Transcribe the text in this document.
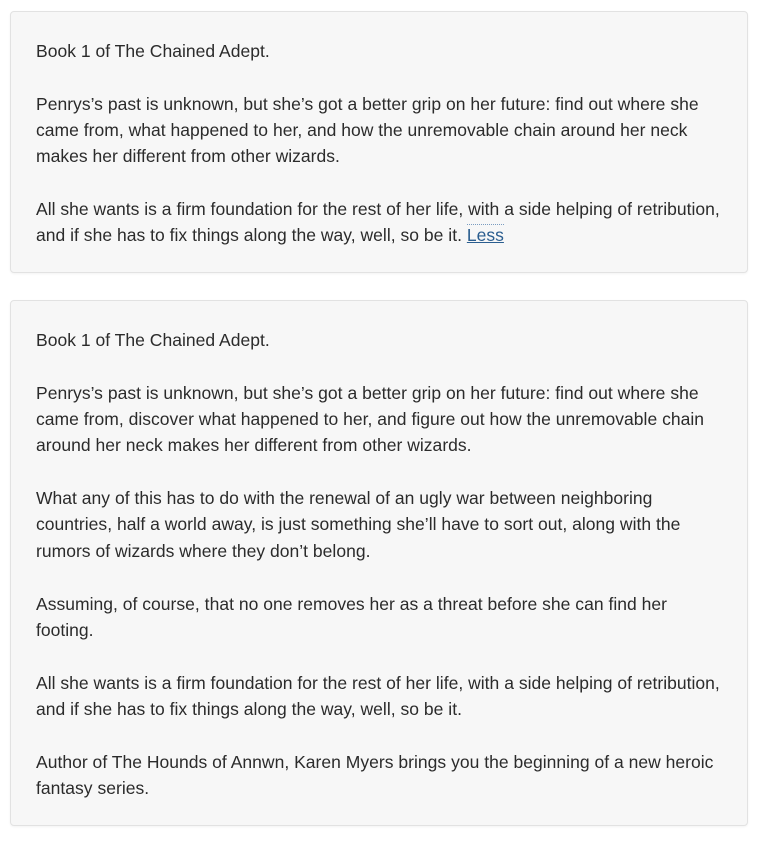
Book 1 of The Chained Adept.

Penrys’s past is unknown, but she’s got a better grip on her future: find out where she came from, what happened to her, and how the unremovable chain around her neck makes her different from other wizards.

All she wants is a firm foundation for the rest of her life, with a side helping of retribution, and if she has to fix things along the way, well, so be it. Less

Book 1 of The Chained Adept.

Penrys’s past is unknown, but she’s got a better grip on her future: find out where she came from, discover what happened to her, and figure out how the unremovable chain around her neck makes her different from other wizards.

What any of this has to do with the renewal of an ugly war between neighboring countries, half a world away, is just something she’ll have to sort out, along with the rumors of wizards where they don’t belong.

Assuming, of course, that no one removes her as a threat before she can find her footing.

All she wants is a firm foundation for the rest of her life, with a side helping of retribution, and if she has to fix things along the way, well, so be it.

Author of The Hounds of Annwn, Karen Myers brings you the beginning of a new heroic fantasy series.
